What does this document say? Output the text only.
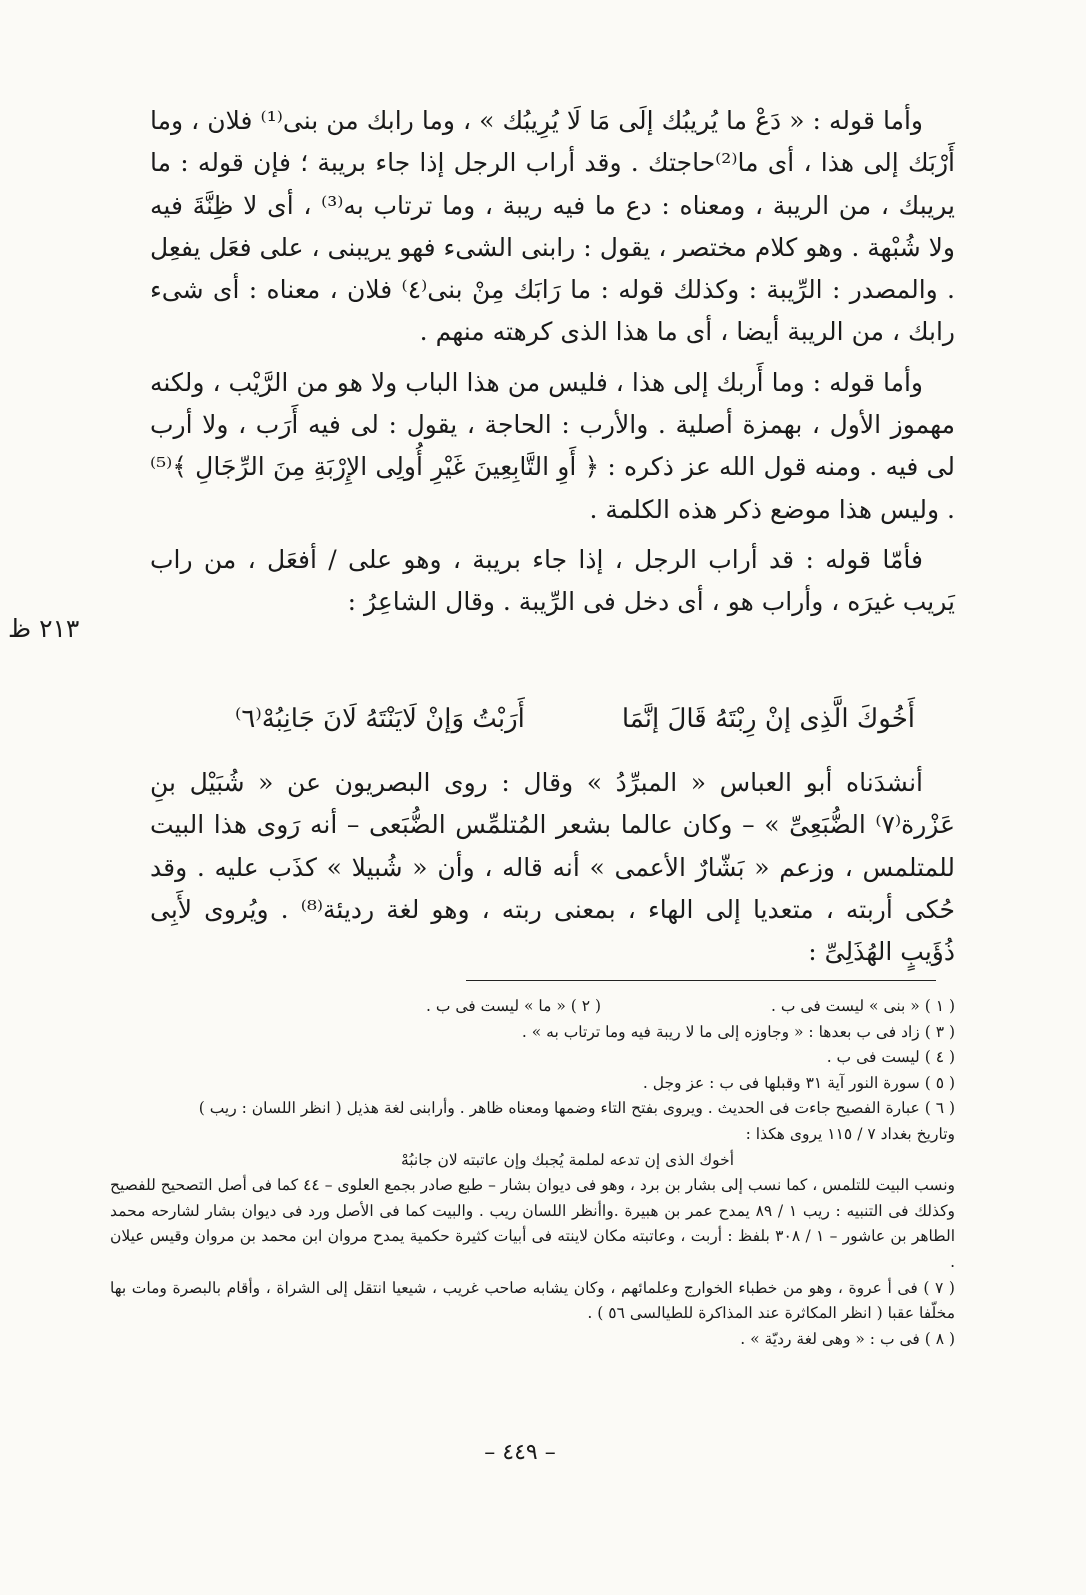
وأما قوله : « دَعْ ما يُريبُك إلَى مَا لَا يُرِيبُك » ، وما رابك من بنى⁽¹⁾ فلان ، وما أَرْبَك إلى هذا ، أى ما⁽²⁾حاجتك . وقد أراب الرجل إذا جاء بريبة ؛ فإن قوله : ما يريبك ، من الريبة ، ومعناه : دع ما فيه ريبة ، وما ترتاب به⁽³⁾ ، أى لا ظِنَّةَ فيه ولا شُبْهة . وهو كلام مختصر ، يقول : رابنى الشىء فهو يريبنى ، على فعَل يفعِل . والمصدر : الرِّيبة : وكذلك قوله : ما رَابَك مِنْ بنى⁽٤⁾ فلان ، معناه : أى شىء رابك ، من الريبة أيضا ، أى ما هذا الذى كرهته منهم .

وأما قوله : وما أَربك إلى هذا ، فليس من هذا الباب ولا هو من الرَّيْب ، ولكنه مهموز الأول ، بهمزة أصلية . والأرب : الحاجة ، يقول : لى فيه أَرَب ، ولا أرب لى فيه . ومنه قول الله عز ذكره : ﴿ أَوِ التَّابِعِينَ غَيْرِ أُولِى الإِرْبَةِ مِنَ الرِّجَالِ ﴾⁽⁵⁾ . وليس هذا موضع ذكر هذه الكلمة .

فأمّا قوله : قد أراب الرجل ، إذا جاء بريبة ، وهو على / أفعَل ، من راب يَريب غيرَه ، وأراب هو ، أى دخل فى الرِّيبة . وقال الشاعِرُ :

٢١٣ ظ
أَخُوكَ الَّذِى إنْ رِبْتَهُ قَالَ إنَّمَا
أَرَبْتُ وَإنْ لَايَنْتَهُ لَانَ جَانِبُهْ⁽٦⁾

أنشدَناه أبو العباس « المبرِّدُ » وقال : روى البصريون عن « شُبَيْل بنِ عَزْرة⁽٧⁾ الضُّبَعِىِّ » – وكان عالما بشعر المُتلمِّس الضُّبَعى – أنه رَوى هذا البيت للمتلمس ، وزعم « بَشّارٌ الأعمى » أنه قاله ، وأن « شُبيلا » كذَب عليه . وقد حُكى أربته ، متعديا إلى الهاء ، بمعنى ربته ، وهو لغة رديئة⁽⁸⁾ . ويُروى لأَبِى ذُؤَيبٍ الهُذَلِىِّ :

( ١ ) « بنى » ليست فى ب .
( ٢ ) « ما » ليست فى ب .
( ٣ ) زاد فى ب بعدها : « وجاوزه إلى ما لا ريبة فيه وما ترتاب به » .
( ٤ ) ليست فى ب .
( ٥ ) سورة النور آية ٣١ وقبلها فى ب : عز وجل .
( ٦ ) عبارة الفصيح جاءت فى الحديث . ويروى بفتح التاء وضمها ومعناه ظاهر . وأرابنى لغة هذيل ( انظر اللسان : ريب )
وتاريخ بغداد ٧ / ١١٥ يروى هكذا :
أخوك الذى إن تدعه لملمة يُجبك وإن عاتبته لان جانبُهْ
ونسب البيت للتلمس ، كما نسب إلى بشار بن برد ، وهو فى ديوان بشار – طبع صادر بجمع العلوى – ٤٤ كما فى أصل التصحيح للفصيح وكذلك فى التنبيه : ريب ١ / ٨٩ يمدح عمر بن هبيرة .واأنظر اللسان ريب . والبيت كما فى الأصل ورد فى ديوان بشار لشارحه محمد الطاهر بن عاشور – ١ / ٣٠٨ بلفظ : أربت ، وعاتبته مكان لاينته فى أبيات كثيرة حكمية يمدح مروان ابن محمد بن مروان وقيس عيلان .
( ٧ ) فى أ عروة ، وهو من خطباء الخوارج وعلمائهم ، وكان يشابه صاحب غريب ، شيعيا انتقل إلى الشراة ، وأقام بالبصرة ومات بها مخلّفا عقبا ( انظر المكاثرة عند المذاكرة للطيالسى ٥٦ ) .
( ٨ ) فى ب : « وهى لغة رديّة » .
– ٤٤٩ –
